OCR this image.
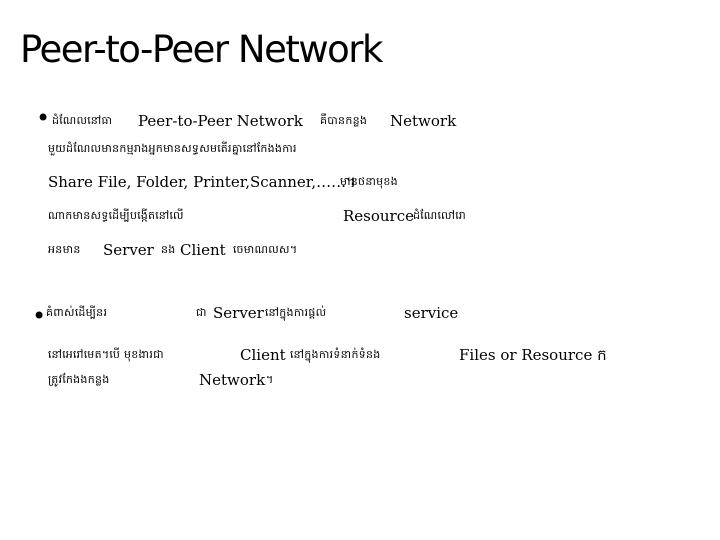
Peer-to-Peer Network
• ដំណែលនៅធា Peer-to-Peer Network គឺបានកន្លង Network
មួយដំណែលមានកម្មរាងអ្នកមានសទ្ធសមតើរគ្នានៅកែងងការ
Share File, Folder, Printer,Scanner,……។
មានថនាមុខង
ណាកមានសទ្ធដើម្បីបង្កើតនៅលើ	Resource
ដំណែលៅរោ
អនមាន Server នង Client ចេមាណលស។
• គំពាស់ដើម្បីនរ	ជា Server នៅក្នុងការផ្ដល់	service
នៅអេរៅមេត។បើ មុខងារជា	Client នៅក្នុងការទំនាក់ទំនង	Files or Resource ក
ត្រូវកែងងកន្លង	Network ។
